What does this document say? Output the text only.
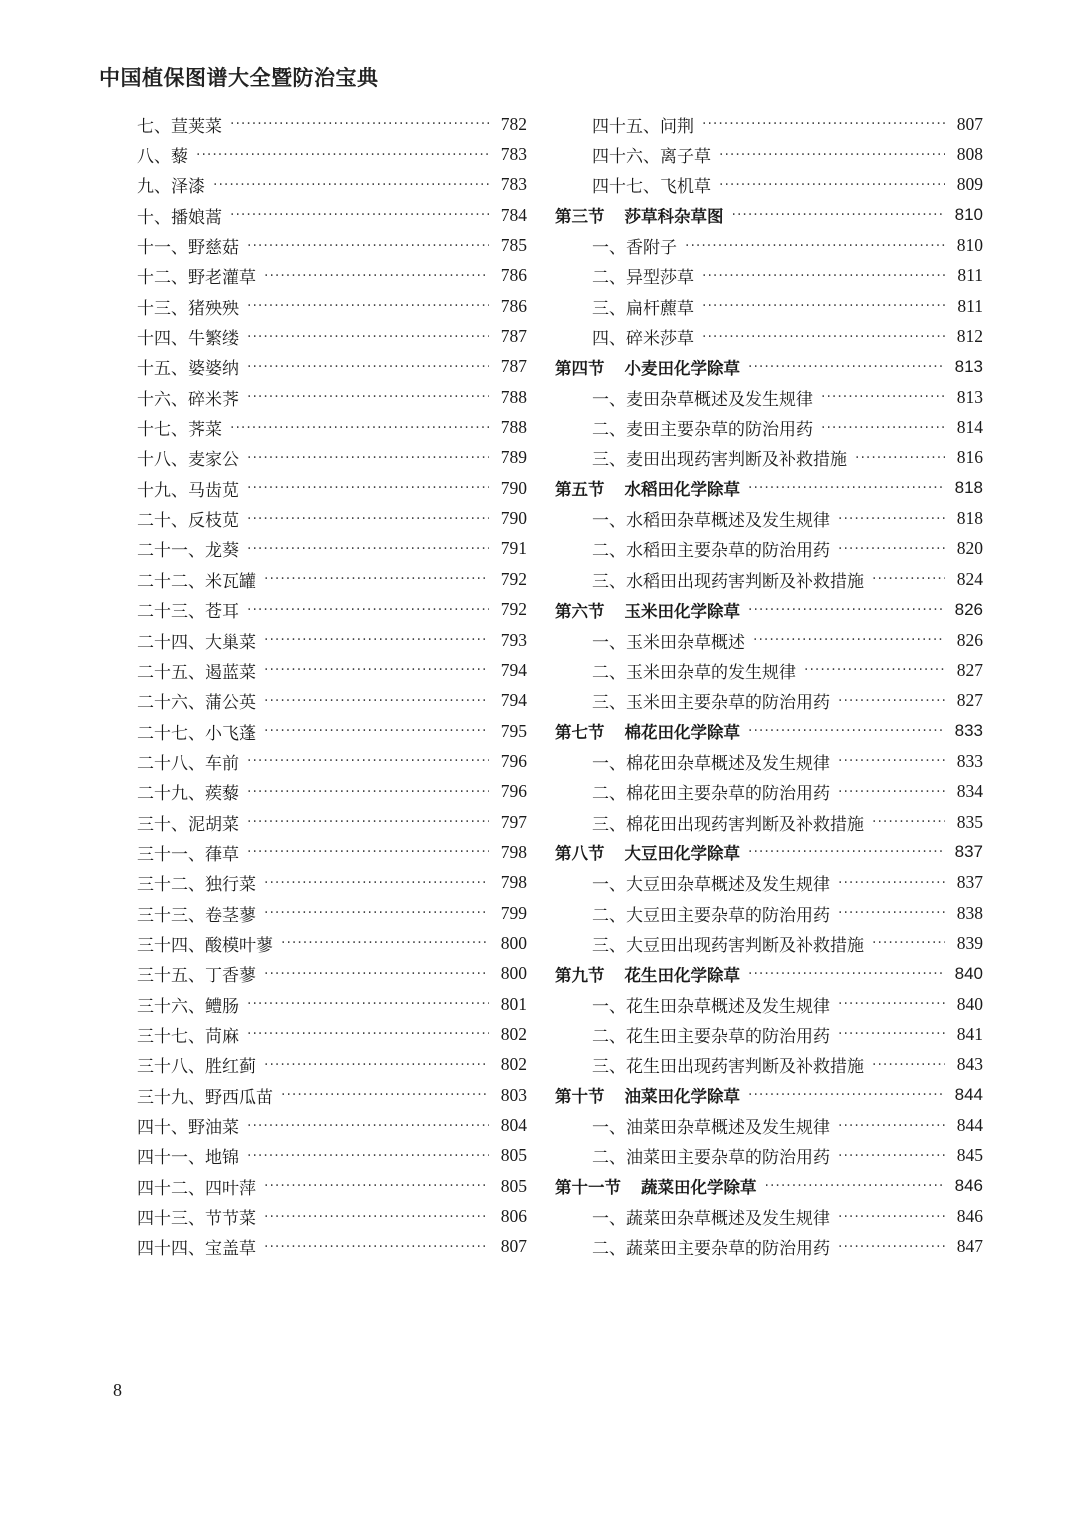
中国植保图谱大全暨防治宝典
七、荁荚菜 ·····	782
八、藜 ·····	783
九、泽漆 ·····	783
十、播娘蒿 ·····	784
十一、野慈菇 ·····	785
十二、野老灌草 ·····	786
十三、猪殃殃 ·····	786
十四、牛繁缕 ·····	787
十五、婆婆纳 ·····	787
十六、碎米荠 ·····	788
十七、荠菜 ·····	788
十八、麦家公 ·····	789
十九、马齿苋 ·····	790
二十、反枝苋 ·····	790
二十一、龙葵 ·····	791
二十二、米瓦罐 ·····	792
二十三、苍耳 ·····	792
二十四、大巢菜 ·····	793
二十五、遏蓝菜 ·····	794
二十六、蒲公英 ·····	794
二十七、小飞蓬 ·····	795
二十八、车前 ·····	796
二十九、蒺藜 ·····	796
三十、泥胡菜 ·····	797
三十一、葎草 ·····	798
三十二、独行菜 ·····	798
三十三、卷茎蓼 ·····	799
三十四、酸模叶蓼 ·····	800
三十五、丁香蓼 ·····	800
三十六、鳢肠 ·····	801
三十七、苘麻 ·····	802
三十八、胜红蓟 ·····	802
三十九、野西瓜苗 ·····	803
四十、野油菜 ·····	804
四十一、地锦 ·····	805
四十二、四叶萍 ·····	805
四十三、节节菜 ·····	806
四十四、宝盖草 ·····	807
四十五、问荆 ·····	807
四十六、离子草 ·····	808
四十七、飞机草 ·····	809
第三节 莎草科杂草图 ·····	810
一、香附子 ·····	810
二、异型莎草 ·····	811
三、扁杆藨草 ·····	811
四、碎米莎草 ·····	812
第四节 小麦田化学除草 ·····	813
一、麦田杂草概述及发生规律 ·····	813
二、麦田主要杂草的防治用药 ·····	814
三、麦田出现药害判断及补救措施 ·····	816
第五节 水稻田化学除草 ·····	818
一、水稻田杂草概述及发生规律 ·····	818
二、水稻田主要杂草的防治用药 ·····	820
三、水稻田出现药害判断及补救措施 ·····	824
第六节 玉米田化学除草 ·····	826
一、玉米田杂草概述 ·····	826
二、玉米田杂草的发生规律 ·····	827
三、玉米田主要杂草的防治用药 ·····	827
第七节 棉花田化学除草 ·····	833
一、棉花田杂草概述及发生规律 ·····	833
二、棉花田主要杂草的防治用药 ·····	834
三、棉花田出现药害判断及补救措施 ·····	835
第八节 大豆田化学除草 ·····	837
一、大豆田杂草概述及发生规律 ·····	837
二、大豆田主要杂草的防治用药 ·····	838
三、大豆田出现药害判断及补救措施 ·····	839
第九节 花生田化学除草 ·····	840
一、花生田杂草概述及发生规律 ·····	840
二、花生田主要杂草的防治用药 ·····	841
三、花生田出现药害判断及补救措施 ·····	843
第十节 油菜田化学除草 ·····	844
一、油菜田杂草概述及发生规律 ·····	844
二、油菜田主要杂草的防治用药 ·····	845
第十一节 蔬菜田化学除草 ·····	846
一、蔬菜田杂草概述及发生规律 ·····	846
二、蔬菜田主要杂草的防治用药 ·····	847
8
